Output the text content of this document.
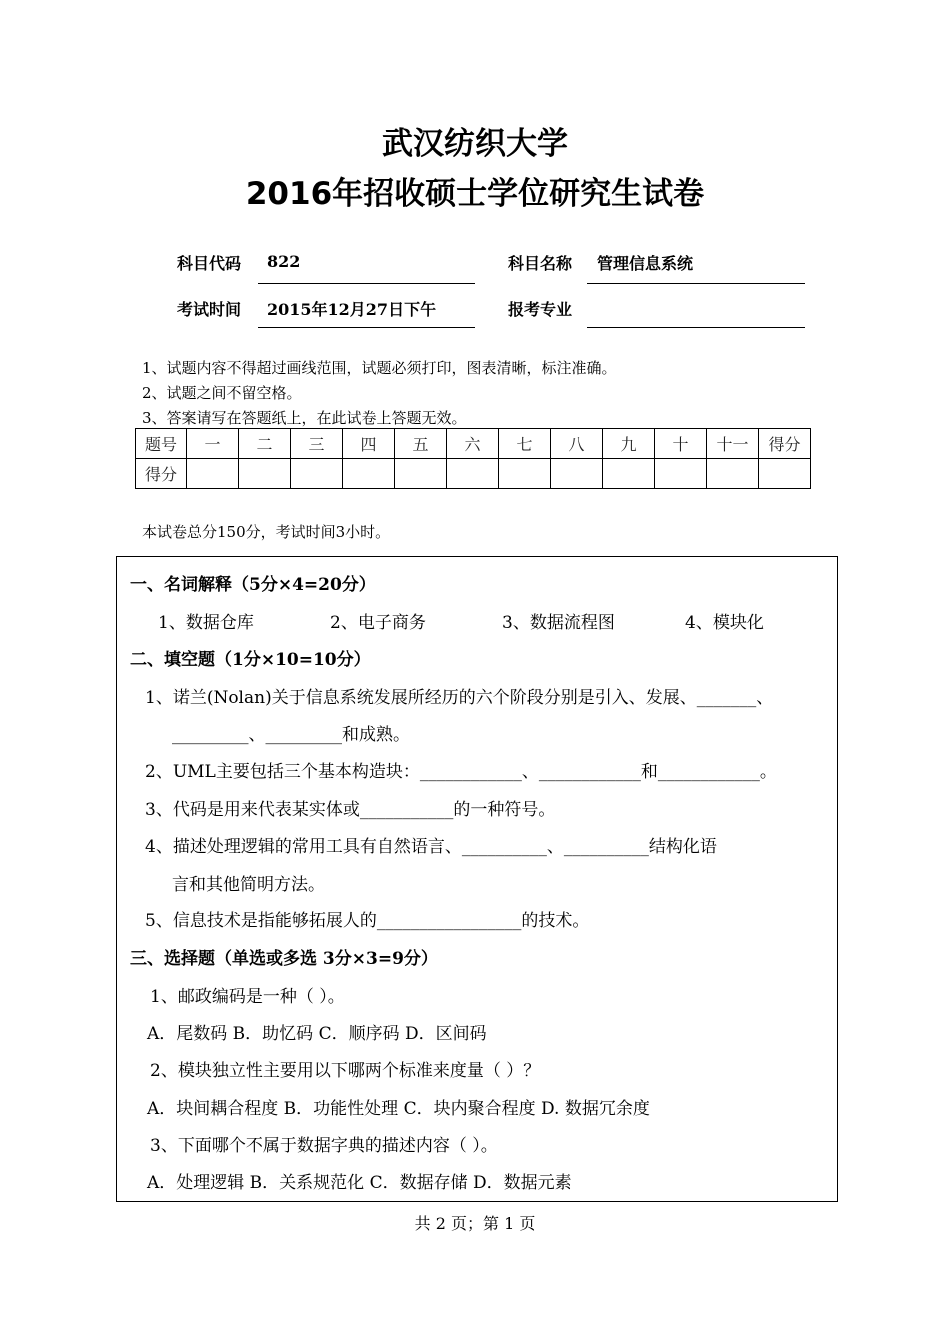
武汉纺织大学
2016年招收硕士学位研究生试卷
科目代码 822	科目名称 管理信息系统
考试时间 2015年12月27日下午	报考专业
1、试题内容不得超过画线范围，试题必须打印，图表清晰，标注准确。
2、试题之间不留空格。
3、答案请写在答题纸上，在此试卷上答题无效。
题号	一	二	三	四	五	六	七	八	九	十	十一	得分
得分												
本试卷总分150分，考试时间3小时。
一、名词解释（5分×4=20分）
1、数据仓库	2、电子商务	3、数据流程图	4、模块化
二、填空题（1分×10=10分）
1、诺兰(Nolan)关于信息系统发展所经历的六个阶段分别是引入、发展、_______、
_________、_________和成熟。
2、UML主要包括三个基本构造块：____________、____________和____________。
3、代码是用来代表某实体或___________的一种符号。
4、描述处理逻辑的常用工具有自然语言、__________、__________结构化语
言和其他简明方法。
5、信息技术是指能够拓展人的_________________的技术。
三、选择题（单选或多选 3分×3=9分）
1、邮政编码是一种（ ）。
A．尾数码 B．助忆码 C．顺序码 D．区间码
2、模块独立性主要用以下哪两个标准来度量（ ）？
A．块间耦合程度 B．功能性处理 C．块内聚合程度 D. 数据冗余度
3、下面哪个不属于数据字典的描述内容（ ）。
A．处理逻辑 B．关系规范化 C．数据存储 D．数据元素
共 2 页；第 1 页
